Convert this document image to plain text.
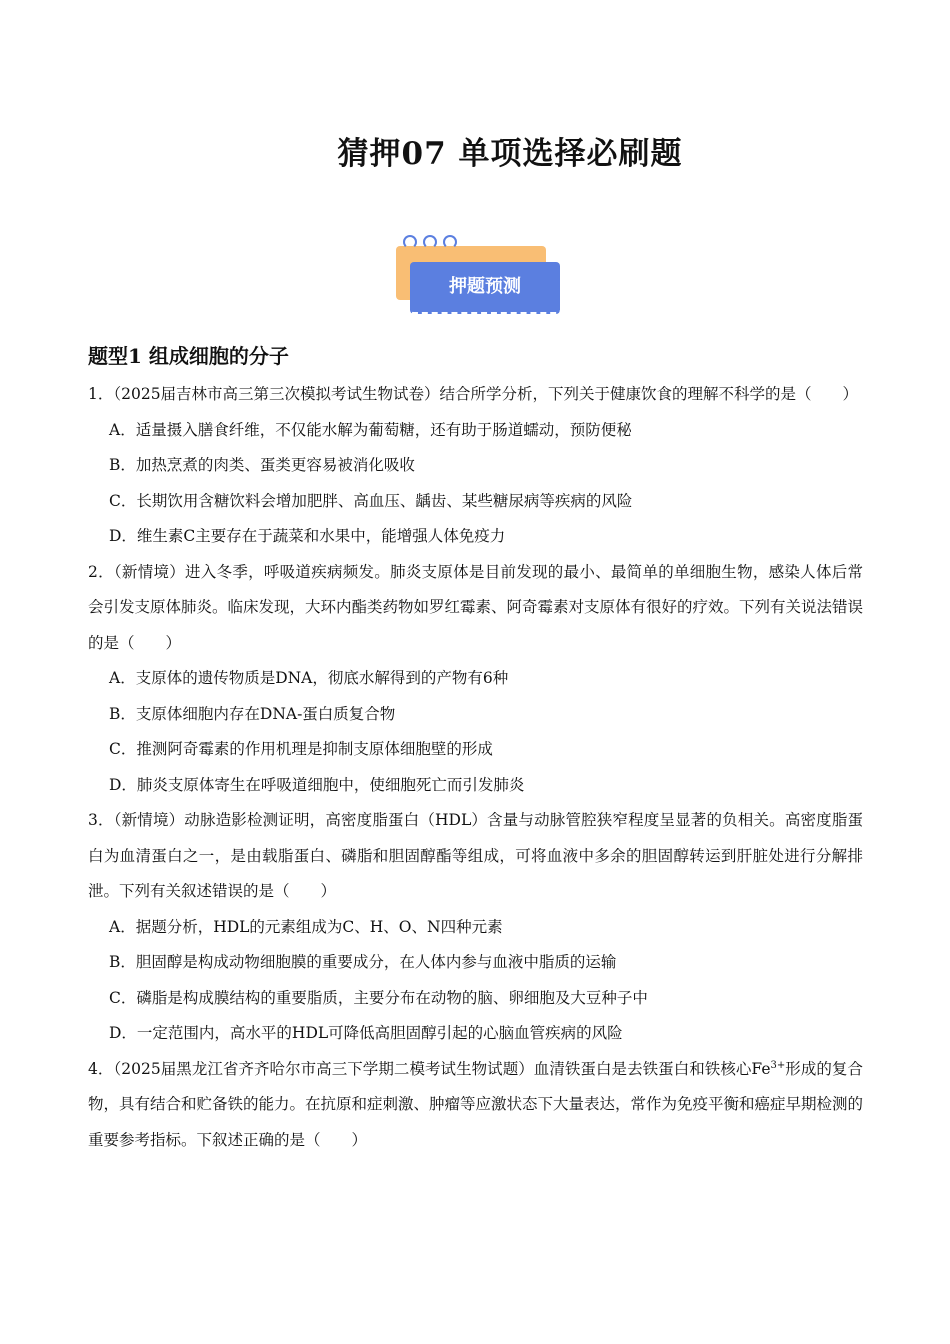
猜押07 单项选择必刷题
押题预测
题型1 组成细胞的分子

1．（2025届吉林市高三第三次模拟考试生物试卷）结合所学分析，下列关于健康饮食的理解不科学的是（　　）

A．适量摄入膳食纤维，不仅能水解为葡萄糖，还有助于肠道蠕动，预防便秘

B．加热烹煮的肉类、蛋类更容易被消化吸收

C．长期饮用含糖饮料会增加肥胖、高血压、龋齿、某些糖尿病等疾病的风险

D．维生素C主要存在于蔬菜和水果中，能增强人体免疫力

2．（新情境）进入冬季，呼吸道疾病频发。肺炎支原体是目前发现的最小、最简单的单细胞生物，感染人体后常会引发支原体肺炎。临床发现，大环内酯类药物如罗红霉素、阿奇霉素对支原体有很好的疗效。下列有关说法错误的是（　　）

A．支原体的遗传物质是DNA，彻底水解得到的产物有6种

B．支原体细胞内存在DNA-蛋白质复合物

C．推测阿奇霉素的作用机理是抑制支原体细胞壁的形成

D．肺炎支原体寄生在呼吸道细胞中，使细胞死亡而引发肺炎

3．（新情境）动脉造影检测证明，高密度脂蛋白（HDL）含量与动脉管腔狭窄程度呈显著的负相关。高密度脂蛋白为血清蛋白之一，是由载脂蛋白、磷脂和胆固醇酯等组成，可将血液中多余的胆固醇转运到肝脏处进行分解排泄。下列有关叙述错误的是（　　）

A．据题分析，HDL的元素组成为C、H、O、N四种元素

B．胆固醇是构成动物细胞膜的重要成分，在人体内参与血液中脂质的运输

C．磷脂是构成膜结构的重要脂质，主要分布在动物的脑、卵细胞及大豆种子中

D．一定范围内，高水平的HDL可降低高胆固醇引起的心脑血管疾病的风险

4．（2025届黑龙江省齐齐哈尔市高三下学期二模考试生物试题）血清铁蛋白是去铁蛋白和铁核心$Fe^{3+}$形成的复合物，具有结合和贮备铁的能力。在抗原和症刺激、肿瘤等应激状态下大量表达，常作为免疫平衡和癌症早期检测的重要参考指标。下叙述正确的是（　　）
